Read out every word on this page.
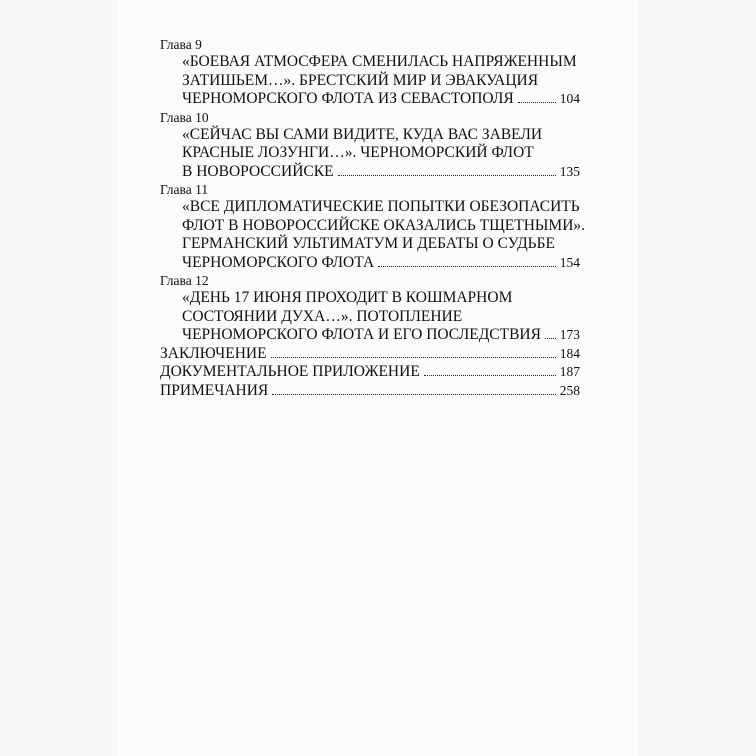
Глава 9
«БОЕВАЯ АТМОСФЕРА СМЕНИЛАСЬ НАПРЯЖЕННЫМ
ЗАТИШЬЕМ…». БРЕСТСКИЙ МИР И ЭВАКУАЦИЯ
ЧЕРНОМОРСКОГО ФЛОТА ИЗ СЕВАСТОПОЛЯ	104
Глава 10
«СЕЙЧАС ВЫ САМИ ВИДИТЕ, КУДА ВАС ЗАВЕЛИ
КРАСНЫЕ ЛОЗУНГИ…». ЧЕРНОМОРСКИЙ ФЛОТ
В НОВОРОССИЙСКЕ	135
Глава 11
«ВСЕ ДИПЛОМАТИЧЕСКИЕ ПОПЫТКИ ОБЕЗОПАСИТЬ
ФЛОТ В НОВОРОССИЙСКЕ ОКАЗАЛИСЬ ТЩЕТНЫМИ».
ГЕРМАНСКИЙ УЛЬТИМАТУМ И ДЕБАТЫ О СУДЬБЕ
ЧЕРНОМОРСКОГО ФЛОТА	154
Глава 12
«ДЕНЬ 17 ИЮНЯ ПРОХОДИТ В КОШМАРНОМ
СОСТОЯНИИ ДУХА…». ПОТОПЛЕНИЕ
ЧЕРНОМОРСКОГО ФЛОТА И ЕГО ПОСЛЕДСТВИЯ 173
ЗАКЛЮЧЕНИЕ	184
ДОКУМЕНТАЛЬНОЕ ПРИЛОЖЕНИЕ	187
ПРИМЕЧАНИЯ	258
